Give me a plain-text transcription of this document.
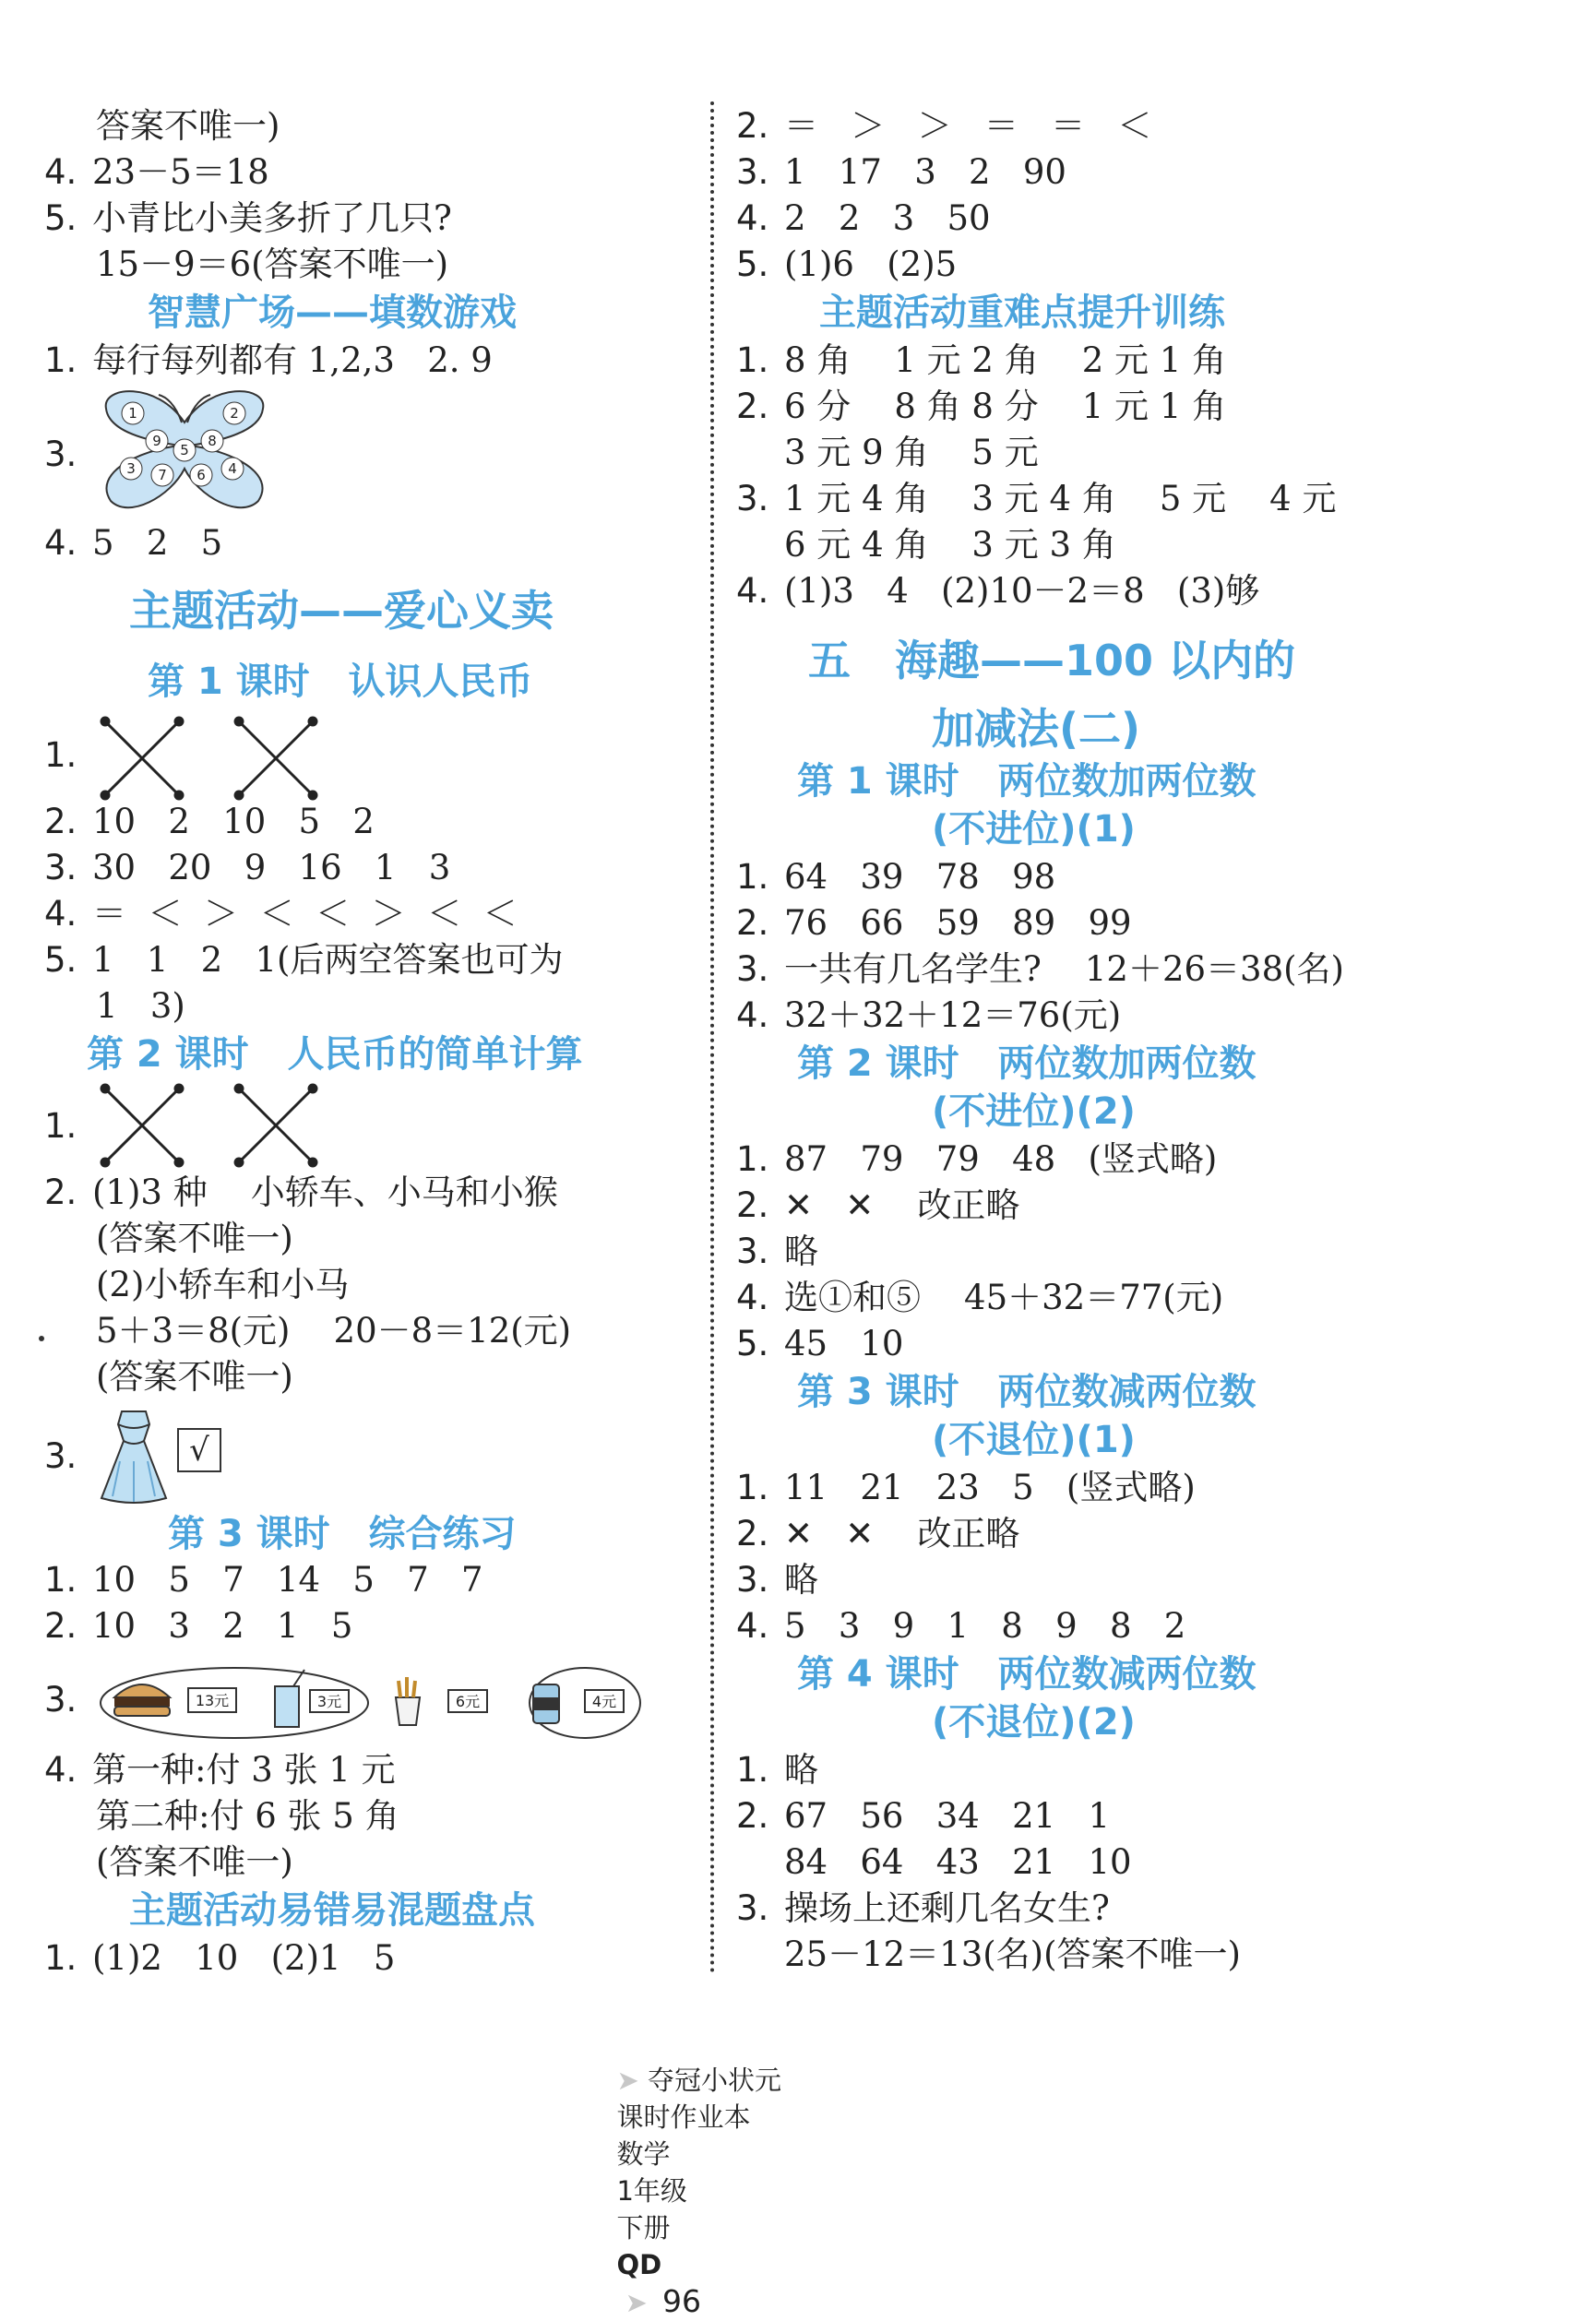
答案不唯一)
4. 23－5＝18
5. 小青比小美多折了几只?
15－9＝6(答案不唯一)
智慧广场——填数游戏
1. 每行每列都有 1,2,3   2. 9
3.
1	2
9
5
8
3 7 6 4
4. 5   2   5
主题活动——爱心义卖
第 1 课时   认识人民币
1.
2. 10   2   10   5   2
3. 30   20   9   16   1   3
4. ＝  ＜  ＞  ＜  ＜  ＞  ＜  ＜
5. 1   1   2   1(后两空答案也可为
1   3)
第 2 课时   人民币的简单计算
1.
2. (1)3 种    小轿车、小马和小猴
(答案不唯一)
(2)小轿车和小马
5＋3＝8(元)    20－8＝12(元)
(答案不唯一)
3.	√
第 3 课时   综合练习
1. 10   5   7   14   5   7   7
2. 10   3   2   1   5
3.	13元	3元	6元	4元
4. 第一种:付 3 张 1 元
第二种:付 6 张 5 角
(答案不唯一)
主题活动易错易混题盘点
1. (1)2   10   (2)1   5
2. ＝   ＞   ＞   ＝   ＝   ＜
3. 1   17   3   2   90
4. 2   2   3   50
5. (1)6   (2)5
主题活动重难点提升训练
1. 8 角    1 元 2 角    2 元 1 角
2. 6 分    8 角 8 分    1 元 1 角
3 元 9 角    5 元
3. 1 元 4 角    3 元 4 角    5 元    4 元
6 元 4 角    3 元 3 角
4. (1)3   4   (2)10－2＝8   (3)够
五   海趣——100 以内的
加减法(二)
第 1 课时   两位数加两位数
(不进位)(1)
1. 64   39   78   98
2. 76   66   59   89   99
3. 一共有几名学生?    12＋26＝38(名)
4. 32＋32＋12＝76(元)
第 2 课时   两位数加两位数
(不进位)(2)
1. 87   79   79   48   (竖式略)
2. ✕   ✕    改正略
3. 略
4. 选①和⑤    45＋32＝77(元)
5. 45   10
第 3 课时   两位数减两位数
(不退位)(1)
1. 11   21   23   5   (竖式略)
2. ✕   ✕    改正略
3. 略
4. 5   3   9   1   8   9   8   2
第 4 课时   两位数减两位数
(不退位)(2)
1. 略
2. 67   56   34   21   1
84   64   43   21   10
3. 操场上还剩几名女生?
25－12＝13(名)(答案不唯一)

➤ 夺冠小状元
课时作业本
数学
1年级
下册
QD
➤ 96
